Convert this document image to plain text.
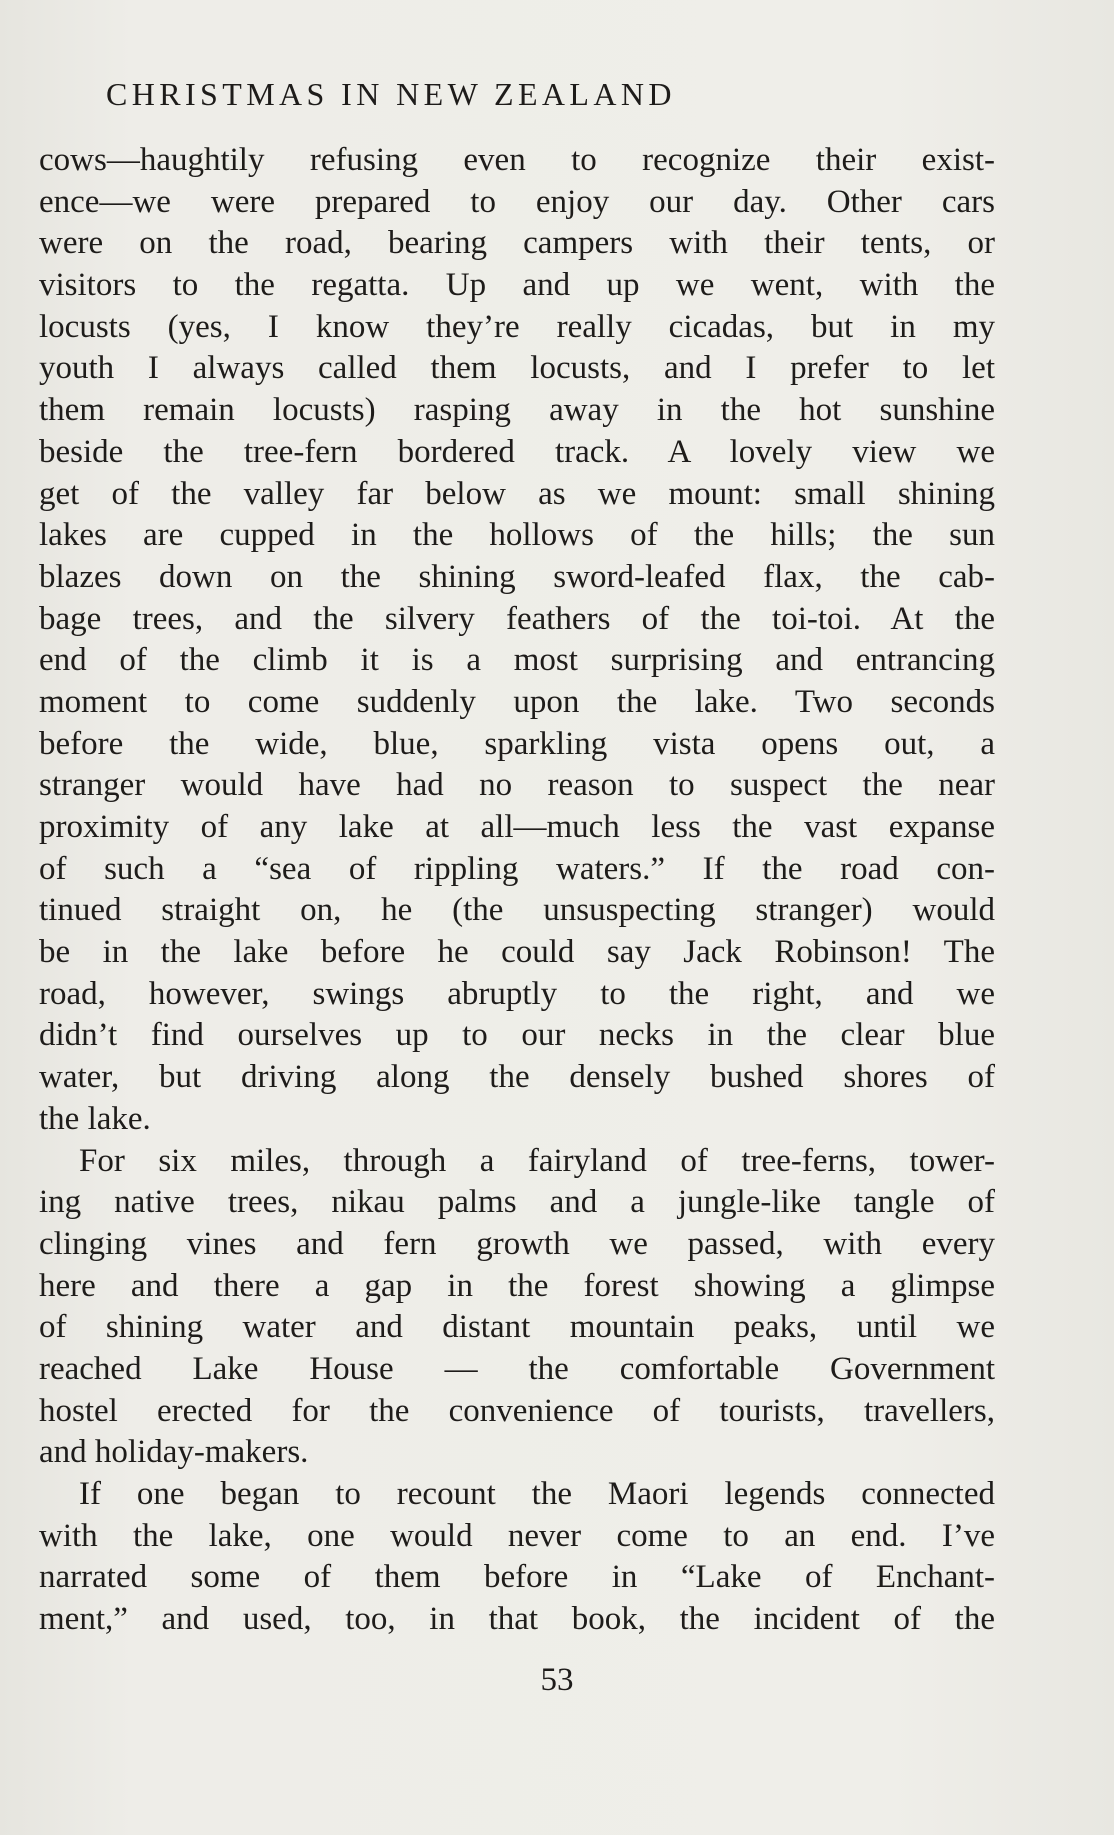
CHRISTMAS IN NEW ZEALAND
cows—haughtily refusing even to recognize their exist-
ence—we were prepared to enjoy our day. Other cars
were on the road, bearing campers with their tents, or
visitors to the regatta. Up and up we went, with the
locusts (yes, I know they’re really cicadas, but in my
youth I always called them locusts, and I prefer to let
them remain locusts) rasping away in the hot sunshine
beside the tree-fern bordered track. A lovely view we
get of the valley far below as we mount: small shining
lakes are cupped in the hollows of the hills; the sun
blazes down on the shining sword-leafed flax, the cab-
bage trees, and the silvery feathers of the toi-toi. At the
end of the climb it is a most surprising and entrancing
moment to come suddenly upon the lake. Two seconds
before the wide, blue, sparkling vista opens out, a
stranger would have had no reason to suspect the near
proximity of any lake at all—much less the vast expanse
of such a “sea of rippling waters.” If the road con-
tinued straight on, he (the unsuspecting stranger) would
be in the lake before he could say Jack Robinson! The
road, however, swings abruptly to the right, and we
didn’t find ourselves up to our necks in the clear blue
water, but driving along the densely bushed shores of
the lake.
For six miles, through a fairyland of tree-ferns, tower-
ing native trees, nikau palms and a jungle-like tangle of
clinging vines and fern growth we passed, with every
here and there a gap in the forest showing a glimpse
of shining water and distant mountain peaks, until we
reached Lake House — the comfortable Government
hostel erected for the convenience of tourists, travellers,
and holiday-makers.
If one began to recount the Maori legends connected
with the lake, one would never come to an end. I’ve
narrated some of them before in “Lake of Enchant-
ment,” and used, too, in that book, the incident of the
53
